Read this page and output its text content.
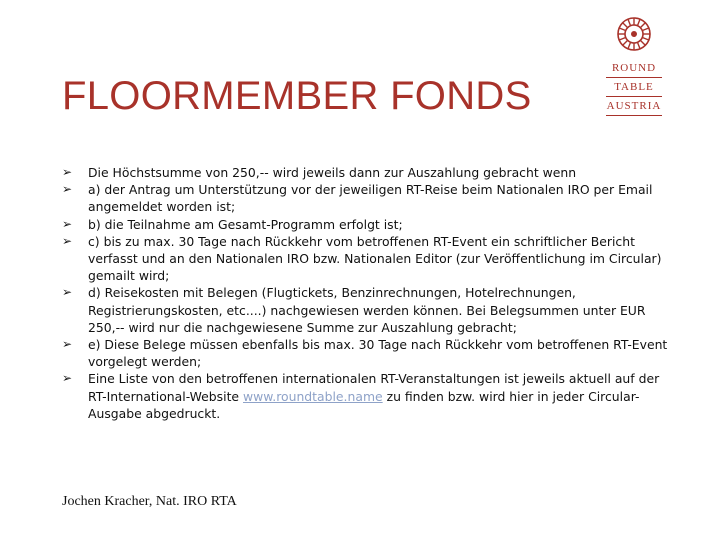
FLOORMEMBER FONDS
ROUND
TABLE
AUSTRIA
➢	Die Höchstsumme von 250,-- wird jeweils dann zur Auszahlung gebracht wenn
➢	a) der Antrag um Unterstützung vor der jeweiligen RT-Reise beim Nationalen IRO per Email angemeldet worden ist;
➢	b) die Teilnahme am Gesamt-Programm erfolgt ist;
➢	c) bis zu max. 30 Tage nach Rückkehr vom betroffenen RT-Event ein schriftlicher Bericht verfasst und an den Nationalen IRO bzw. Nationalen Editor (zur Veröffentlichung im Circular) gemailt wird;
➢	d) Reisekosten mit Belegen (Flugtickets, Benzinrechnungen, Hotelrechnungen, Registrierungskosten, etc....) nachgewiesen werden können. Bei Belegsummen unter EUR 250,-- wird nur die nachgewiesene Summe zur Auszahlung gebracht;
➢	e) Diese Belege müssen ebenfalls bis max. 30 Tage nach Rückkehr vom betroffenen RT-Event vorgelegt werden;
➢	Eine Liste von den betroffenen internationalen RT-Veranstaltungen ist jeweils aktuell auf der RT-International-Website www.roundtable.name zu finden bzw. wird hier in jeder Circular-Ausgabe abgedruckt.
Jochen Kracher, Nat. IRO RTA
